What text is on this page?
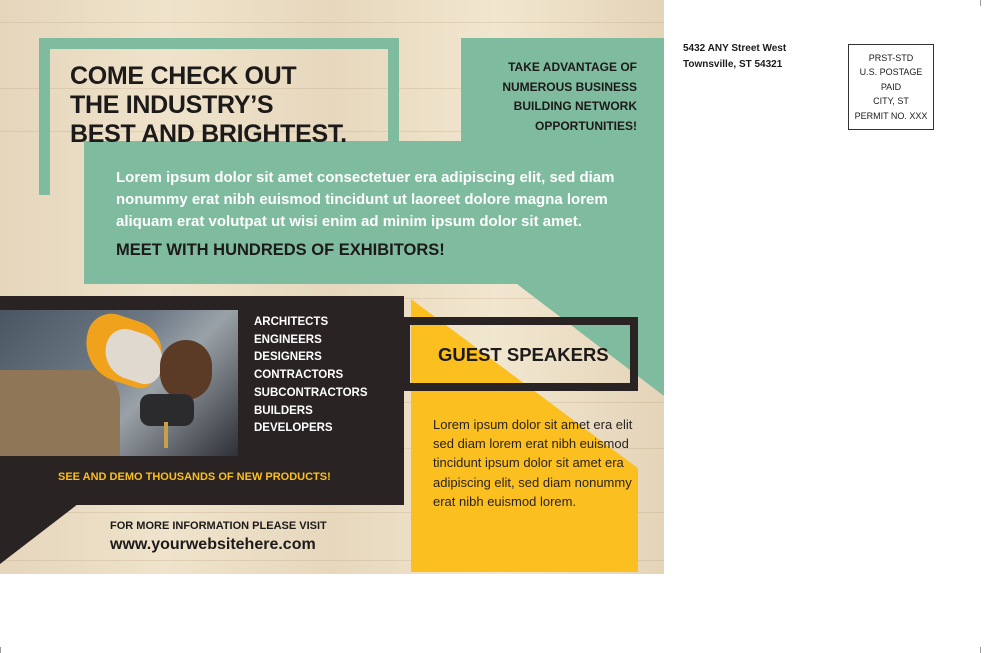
COME CHECK OUT
THE INDUSTRY’S
BEST AND BRIGHTEST.

TAKE ADVANTAGE OF
NUMEROUS BUSINESS
BUILDING NETWORK
OPPORTUNITIES!

Lorem ipsum dolor sit amet consectetuer era adipiscing elit, sed diam nonummy erat nibh euismod tincidunt ut laoreet dolore magna lorem aliquam erat volutpat ut wisi enim ad minim ipsum dolor sit amet.

MEET WITH HUNDREDS OF EXHIBITORS!

ARCHITECTS
ENGINEERS
DESIGNERS
CONTRACTORS
SUBCONTRACTORS
BUILDERS
DEVELOPERS

SEE AND DEMO THOUSANDS OF NEW PRODUCTS!

FOR MORE INFORMATION PLEASE VISIT

www.yourwebsitehere.com

GUEST SPEAKERS

Lorem ipsum dolor sit amet era elit sed diam lorem erat nibh euismod tincidunt ipsum dolor sit amet era adipiscing elit, sed diam nonummy erat nibh euismod lorem.

5432 ANY Street West
Townsville, ST 54321

PRST-STD
U.S. POSTAGE
PAID
CITY, ST
PERMIT NO. XXX
